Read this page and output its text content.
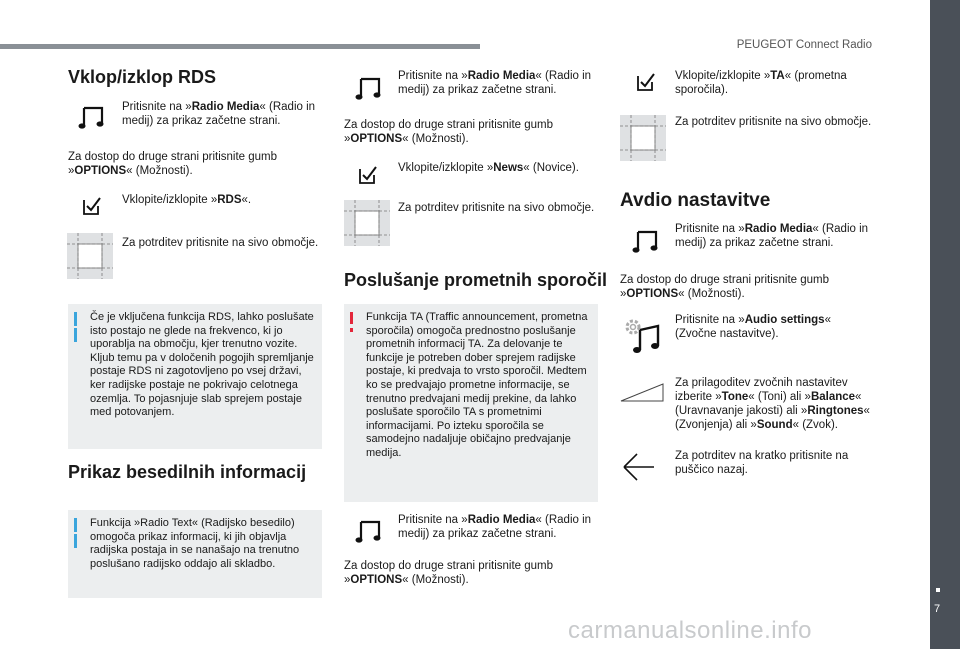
PEUGEOT Connect Radio
7
carmanualsonline.info
Vklop/izklop RDS
Pritisnite na »Radio Media« (Radio in medij) za prikaz začetne strani.
Za dostop do druge strani pritisnite gumb »OPTIONS« (Možnosti).
Vklopite/izklopite »RDS«.
Za potrditev pritisnite na sivo območje.
Če je vključena funkcija RDS, lahko poslušate isto postajo ne glede na frekvenco, ki jo uporablja na območju, kjer trenutno vozite. Kljub temu pa v določenih pogojih spremljanje postaje RDS ni zagotovljeno po vsej državi, ker radijske postaje ne pokrivajo celotnega ozemlja. To pojasnjuje slab sprejem postaje med potovanjem.
Prikaz besedilnih informacij
Funkcija »Radio Text« (Radijsko besedilo) omogoča prikaz informacij, ki jih objavlja radijska postaja in se nanašajo na trenutno poslušano radijsko oddajo ali skladbo.
Pritisnite na »Radio Media« (Radio in medij) za prikaz začetne strani.
Za dostop do druge strani pritisnite gumb »OPTIONS« (Možnosti).
Vklopite/izklopite »News« (Novice).
Za potrditev pritisnite na sivo območje.
Poslušanje prometnih sporočil
Funkcija TA (Traffic announcement, prometna sporočila) omogoča prednostno poslušanje prometnih informacij TA. Za delovanje te funkcije je potreben dober sprejem radijske postaje, ki predvaja to vrsto sporočil. Medtem ko se predvajajo prometne informacije, se trenutno predvajani medij prekine, da lahko poslušate sporočilo TA s prometnimi informacijami. Po izteku sporočila se samodejno nadaljuje običajno predvajanje medija.
Pritisnite na »Radio Media« (Radio in medij) za prikaz začetne strani.
Za dostop do druge strani pritisnite gumb »OPTIONS« (Možnosti).
Vklopite/izklopite »TA« (prometna sporočila).
Za potrditev pritisnite na sivo območje.
Avdio nastavitve
Pritisnite na »Radio Media« (Radio in medij) za prikaz začetne strani.
Za dostop do druge strani pritisnite gumb »OPTIONS« (Možnosti).
Pritisnite na »Audio settings« (Zvočne nastavitve).
Za prilagoditev zvočnih nastavitev izberite »Tone« (Toni) ali »Balance« (Uravnavanje jakosti) ali »Ringtones« (Zvonjenja) ali »Sound« (Zvok).
Za potrditev na kratko pritisnite na puščico nazaj.
